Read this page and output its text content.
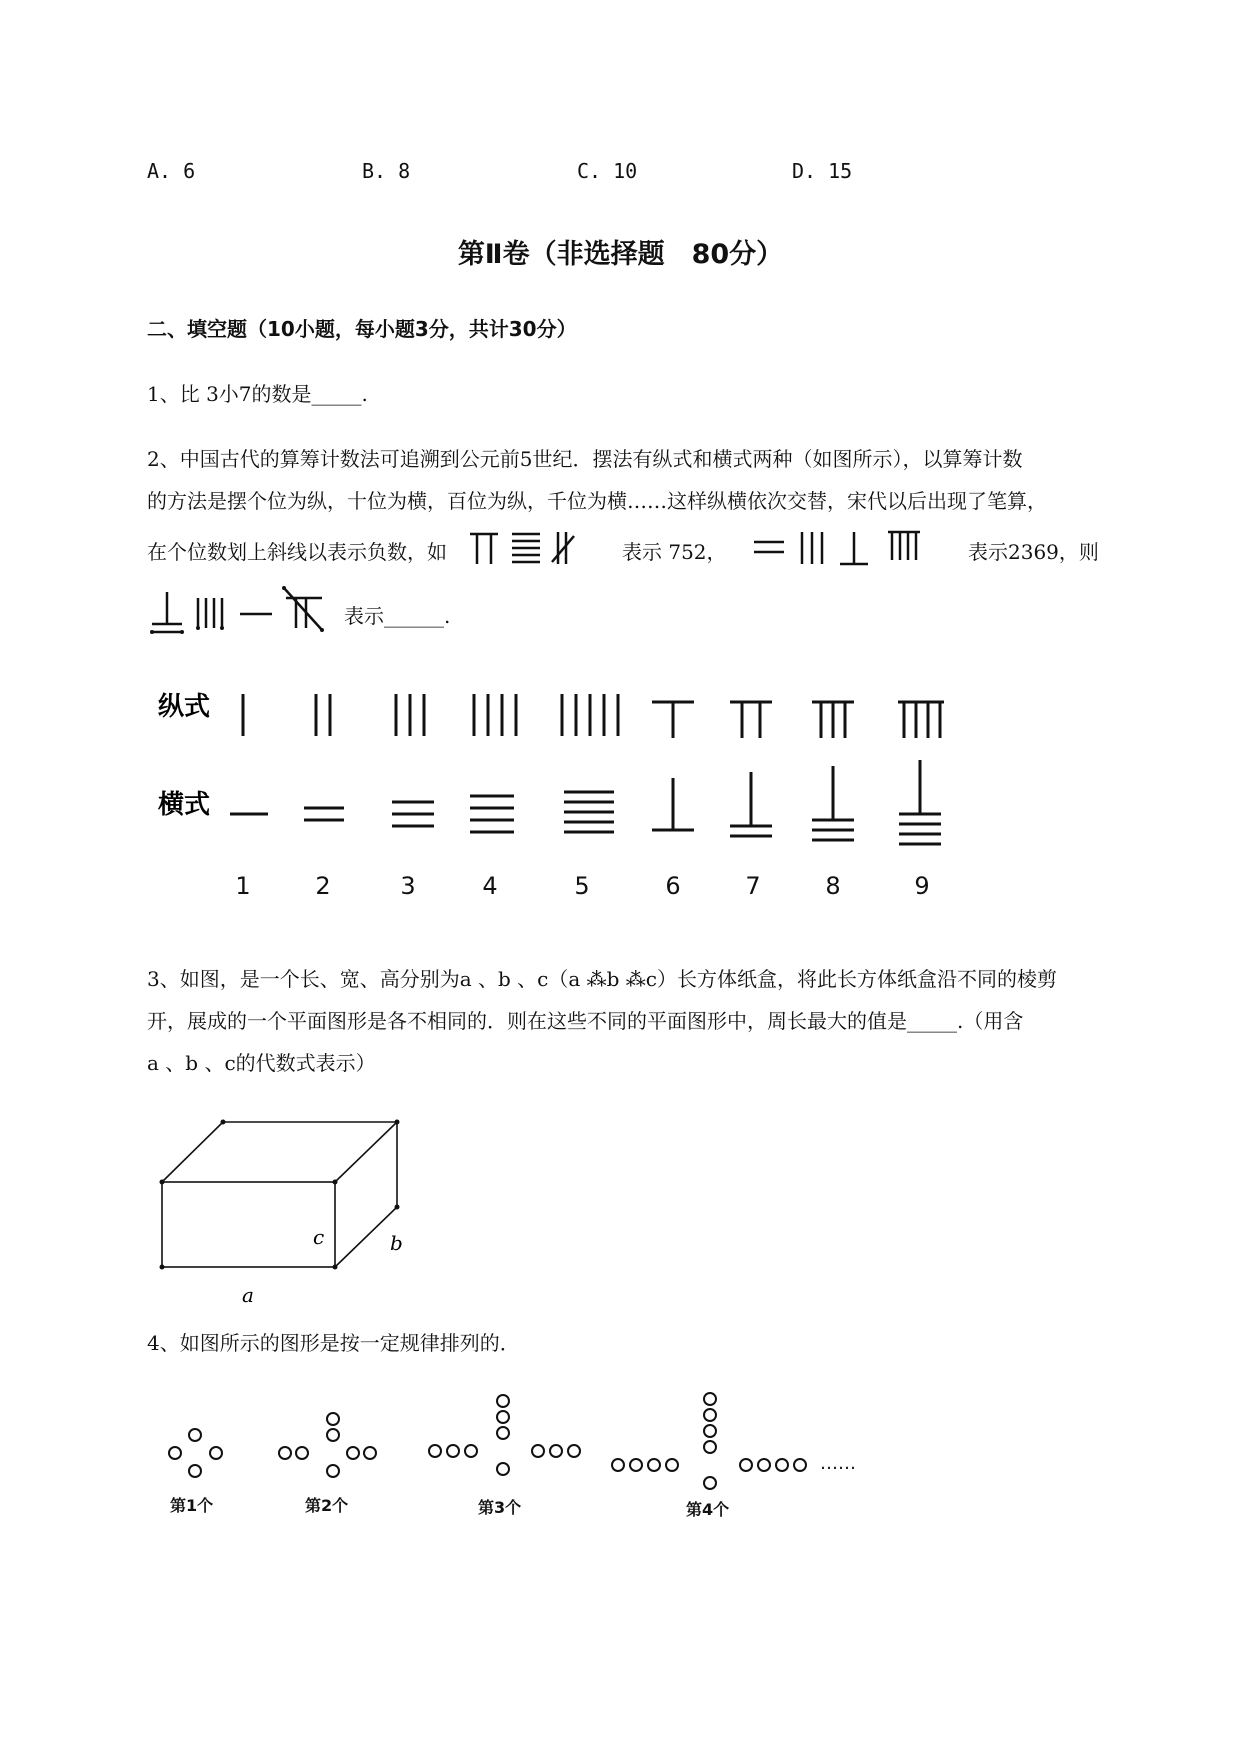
A. 6	B. 8	C. 10	D. 15
第Ⅱ卷（非选择题　80分）
二、填空题（10小题，每小题3分，共计30分）
1、比 3小7的数是_____.
2、中国古代的算筹计数法可追溯到公元前5世纪．摆法有纵式和横式两种（如图所示），以算筹计数
的方法是摆个位为纵，十位为横，百位为纵，千位为横……这样纵横依次交替，宋代以后出现了笔算，
在个位数划上斜线以表示负数，如	表示 752，	表示2369，则
表示______.
纵式
横式
1	2	3	4	5	6	7	8	9
3、如图，是一个长、宽、高分别为a 、b 、c（a ⁂b ⁂c）长方体纸盒，将此长方体纸盒沿不同的棱剪
开，展成的一个平面图形是各不相同的．则在这些不同的平面图形中，周长最大的值是_____.（用含
a 、b 、c的代数式表示）
c	b
a
4、如图所示的图形是按一定规律排列的．
第1个	第2个	第3个	第4个
……
